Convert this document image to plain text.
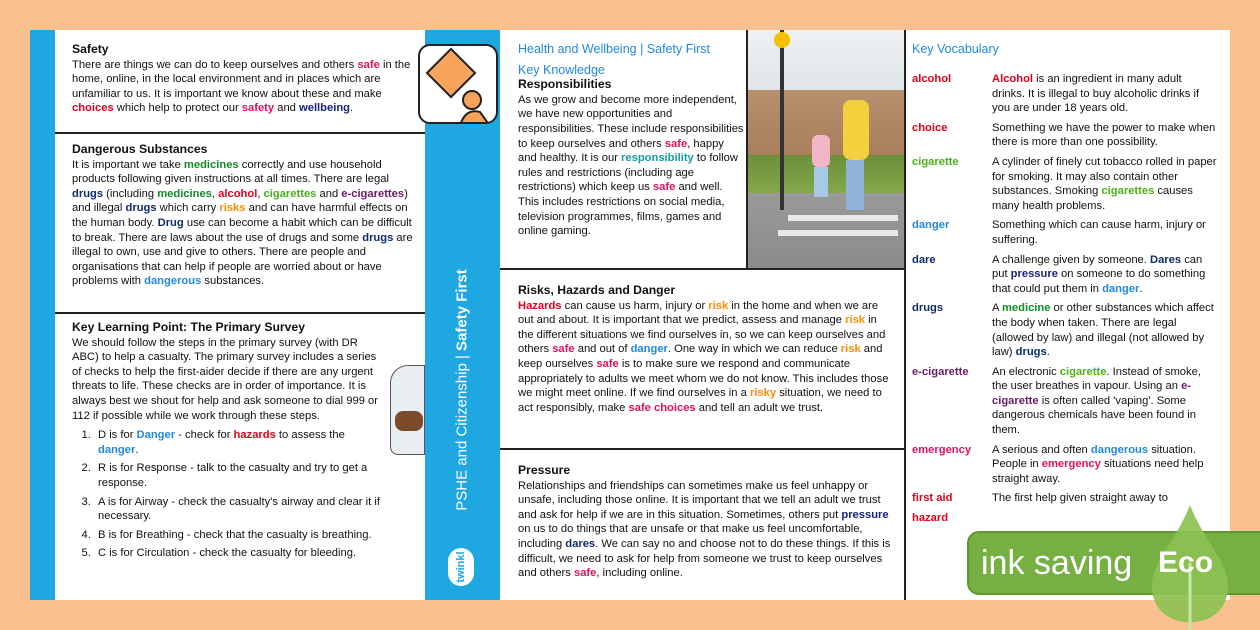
Safety

There are things we can do to keep ourselves and others safe in the home, online, in the local environment and in places which are unfamiliar to us. It is important we know about these and make choices which help to protect our safety and wellbeing.

Dangerous Substances

It is important we take medicines correctly and use household products following given instructions at all times. There are legal drugs (including medicines, alcohol, cigarettes and e-cigarettes) and illegal drugs which carry risks and can have harmful effects on the human body. Drug use can become a habit which can be difficult to break. There are laws about the use of drugs and some drugs are illegal to own, use and give to others. There are people and organisations that can help if people are worried about or have problems with dangerous substances.

Key Learning Point: The Primary Survey

We should follow the steps in the primary survey (with DR ABC) to help a casualty. The primary survey includes a series of checks to help the first-aider decide if there are any urgent threats to life. These checks are in order of importance. It is always best we shout for help and ask someone to dial 999 or 112 if possible while we work through these steps.

1. D is for Danger - check for hazards to assess the danger.
2. R is for Response - talk to the casualty and try to get a response.
3. A is for Airway - check the casualty's airway and clear it if necessary.
4. B is for Breathing - check that the casualty is breathing.
5. C is for Circulation - check the casualty for bleeding.
PSHE and Citizenship | Safety First
twinkl
Health and Wellbeing | Safety First
Key Knowledge
Responsibilities

As we grow and become more independent, we have new opportunities and responsibilities. These include responsibilities to keep ourselves and others safe, happy and healthy. It is our responsibility to follow rules and restrictions (including age restrictions) which keep us safe and well. This includes restrictions on social media, television programmes, films, games and online gaming.

Risks, Hazards and Danger

Hazards can cause us harm, injury or risk in the home and when we are out and about. It is important that we predict, assess and manage risk in the different situations we find ourselves in, so we can keep ourselves and others safe and out of danger. One way in which we can reduce risk and keep ourselves safe is to make sure we respond and communicate appropriately to adults we meet whom we do not know. This includes those we might meet online. If we find ourselves in a risky situation, we need to act responsibly, make safe choices and tell an adult we trust.

Pressure

Relationships and friendships can sometimes make us feel unhappy or unsafe, including those online. It is important that we tell an adult we trust and ask for help if we are in this situation. Sometimes, others put pressure on us to do things that are unsafe or that make us feel uncomfortable, including dares. We can say no and choose not to do these things. If this is difficult, we need to ask for help from someone we trust to keep ourselves and others safe, including online.

Key Vocabulary
alcohol	Alcohol is an ingredient in many adult drinks. It is illegal to buy alcoholic drinks if you are under 18 years old.
choice	Something we have the power to make when there is more than one possibility.
cigarette	A cylinder of finely cut tobacco rolled in paper for smoking. It may also contain other substances. Smoking cigarettes causes many health problems.
danger	Something which can cause harm, injury or suffering.
dare	A challenge given by someone. Dares can put pressure on someone to do something that could put them in danger.
drugs	A medicine or other substances which affect the body when taken. There are legal (allowed by law) and illegal (not allowed by law) drugs.
e-cigarette	An electronic cigarette. Instead of smoke, the user breathes in vapour. Using an e-cigarette is often called 'vaping'. Some dangerous chemicals have been found in them.
emergency	A serious and often dangerous situation. People in emergency situations need help straight away.
first aid	The first help given straight away to
hazard
ink saving Eco
